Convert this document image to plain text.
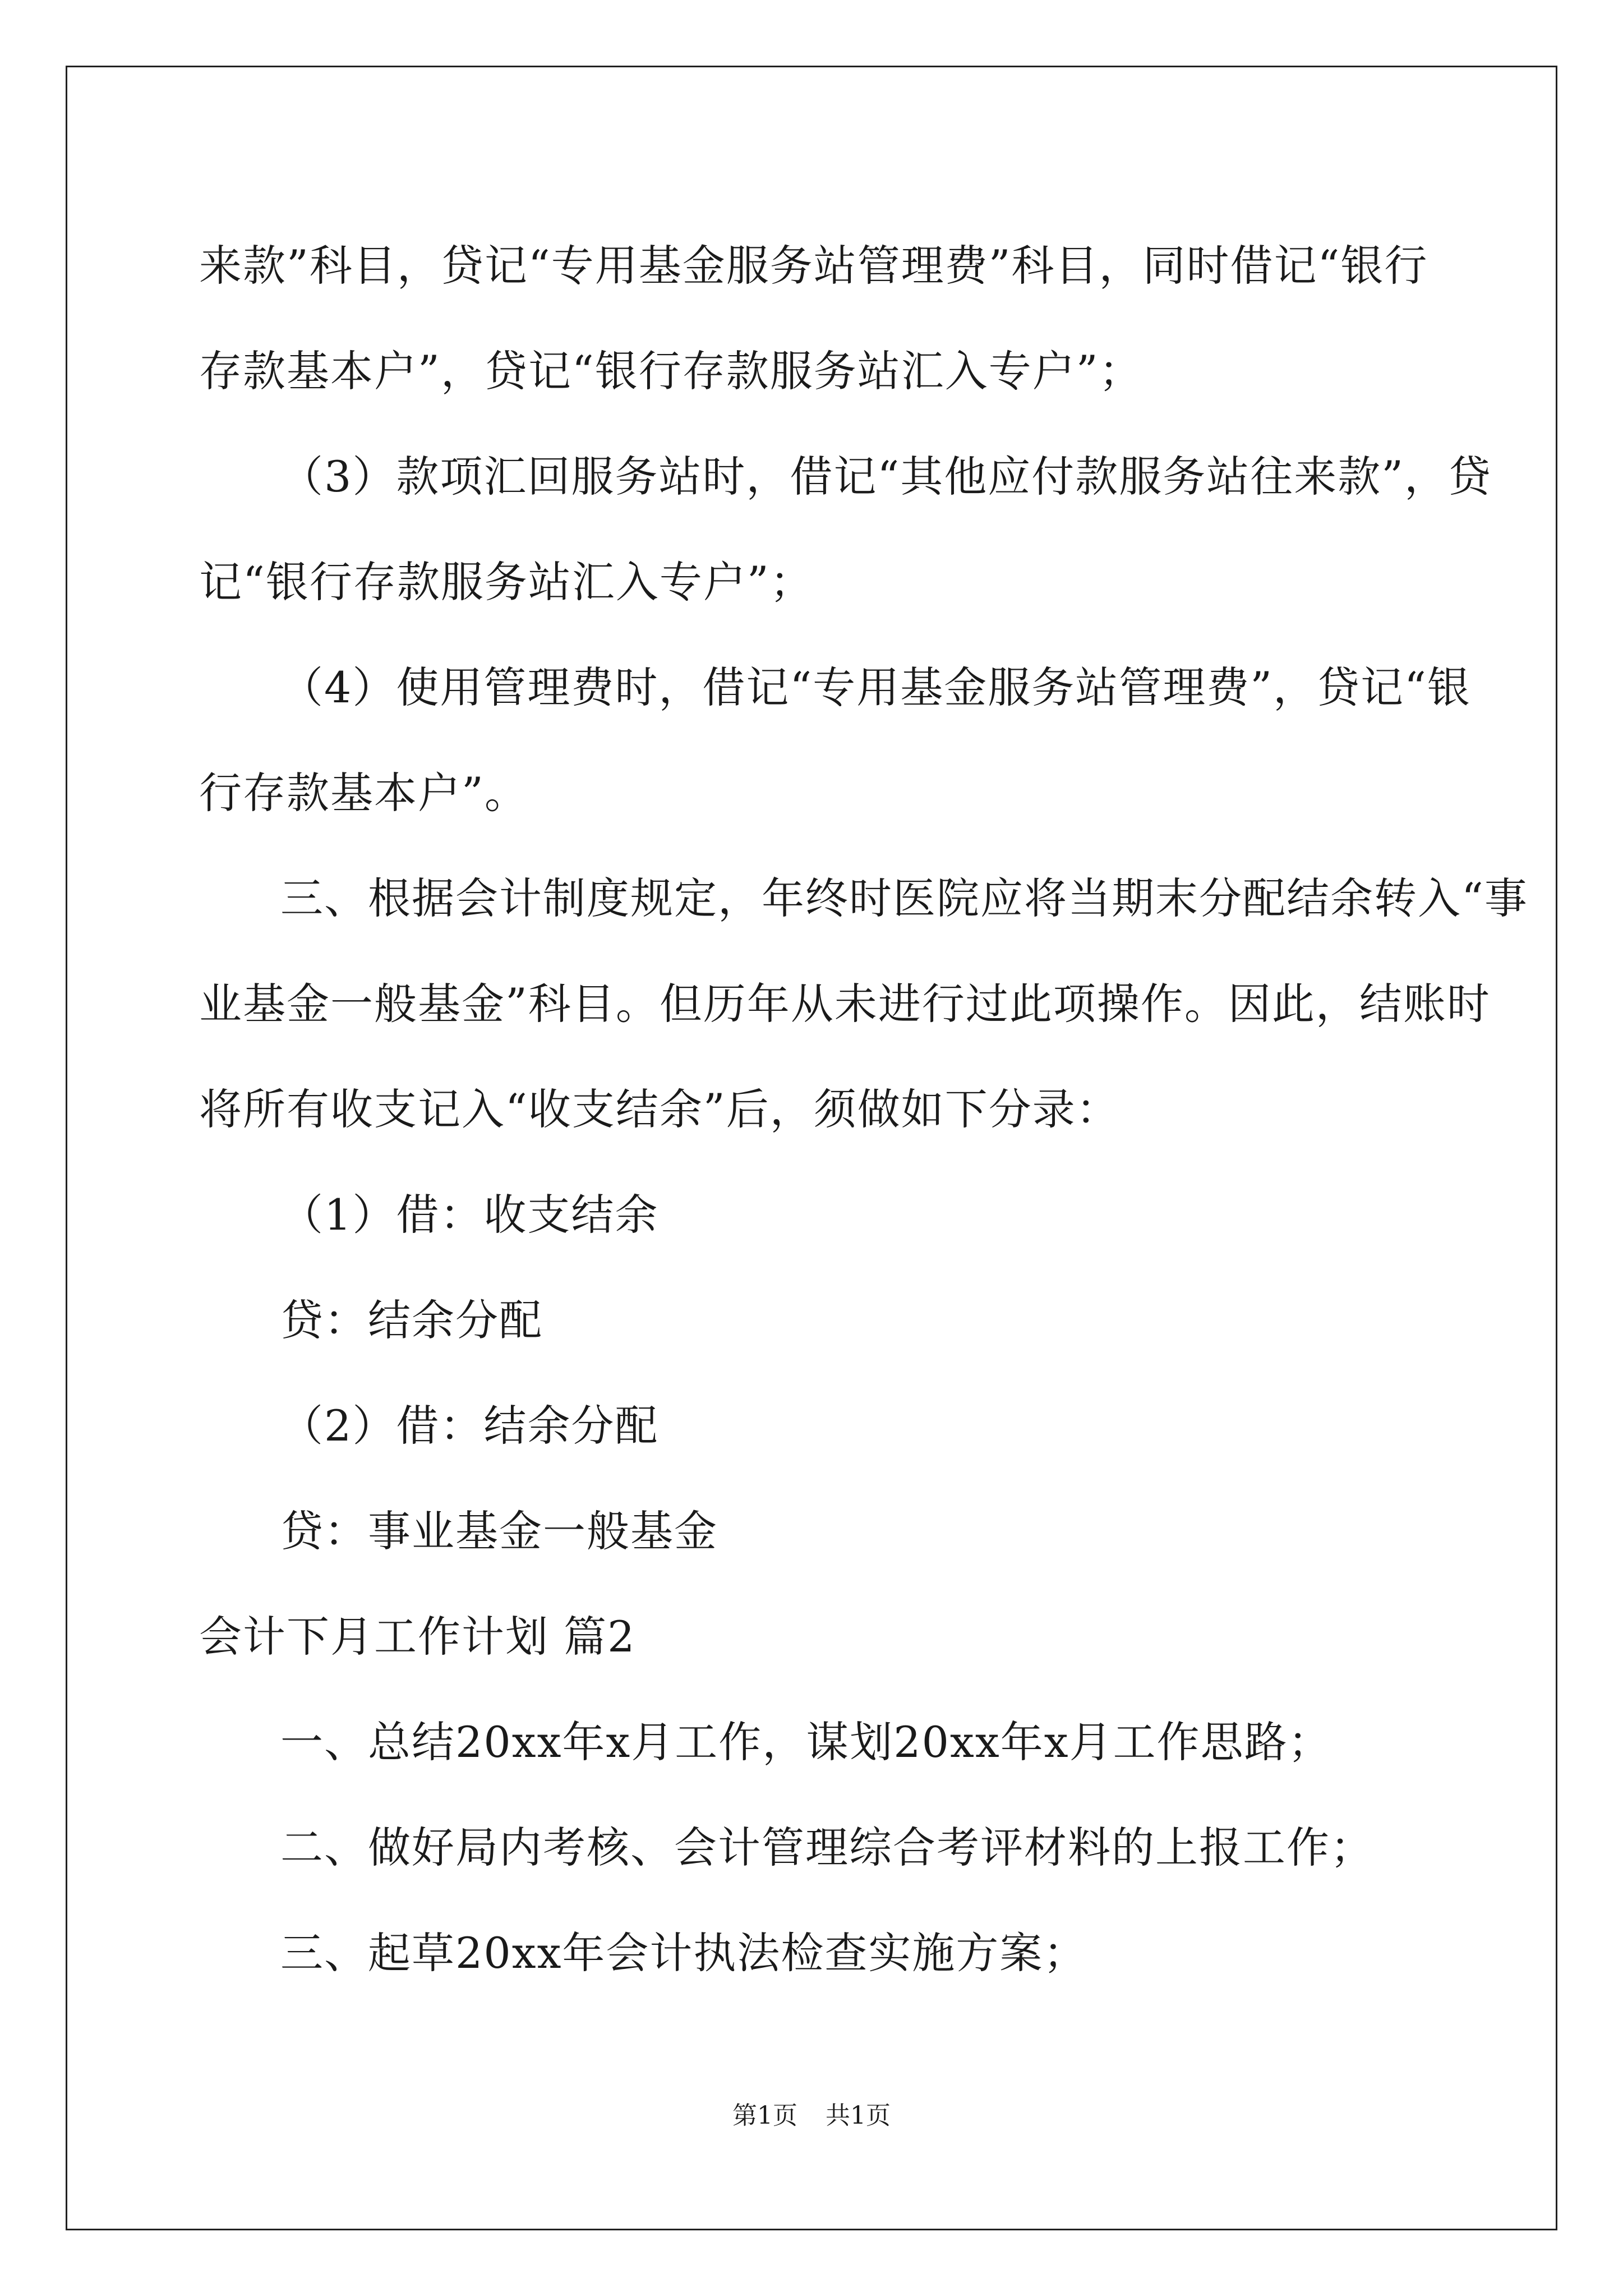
来款”科目，贷记“专用基金服务站管理费”科目，同时借记“银行
存款基本户”，贷记“银行存款服务站汇入专户”；
（3）款项汇回服务站时，借记“其他应付款服务站往来款”，贷
记“银行存款服务站汇入专户”；
（4）使用管理费时，借记“专用基金服务站管理费”，贷记“银
行存款基本户”。
三、根据会计制度规定，年终时医院应将当期末分配结余转入“事
业基金一般基金”科目。但历年从未进行过此项操作。因此，结账时
将所有收支记入“收支结余”后，须做如下分录：
（1）借：收支结余
贷：结余分配
（2）借：结余分配
贷：事业基金一般基金
会计下月工作计划 篇2
一、总结20xx年x月工作，谋划20xx年x月工作思路；
二、做好局内考核、会计管理综合考评材料的上报工作；
三、起草20xx年会计执法检查实施方案；
第1页 共1页
